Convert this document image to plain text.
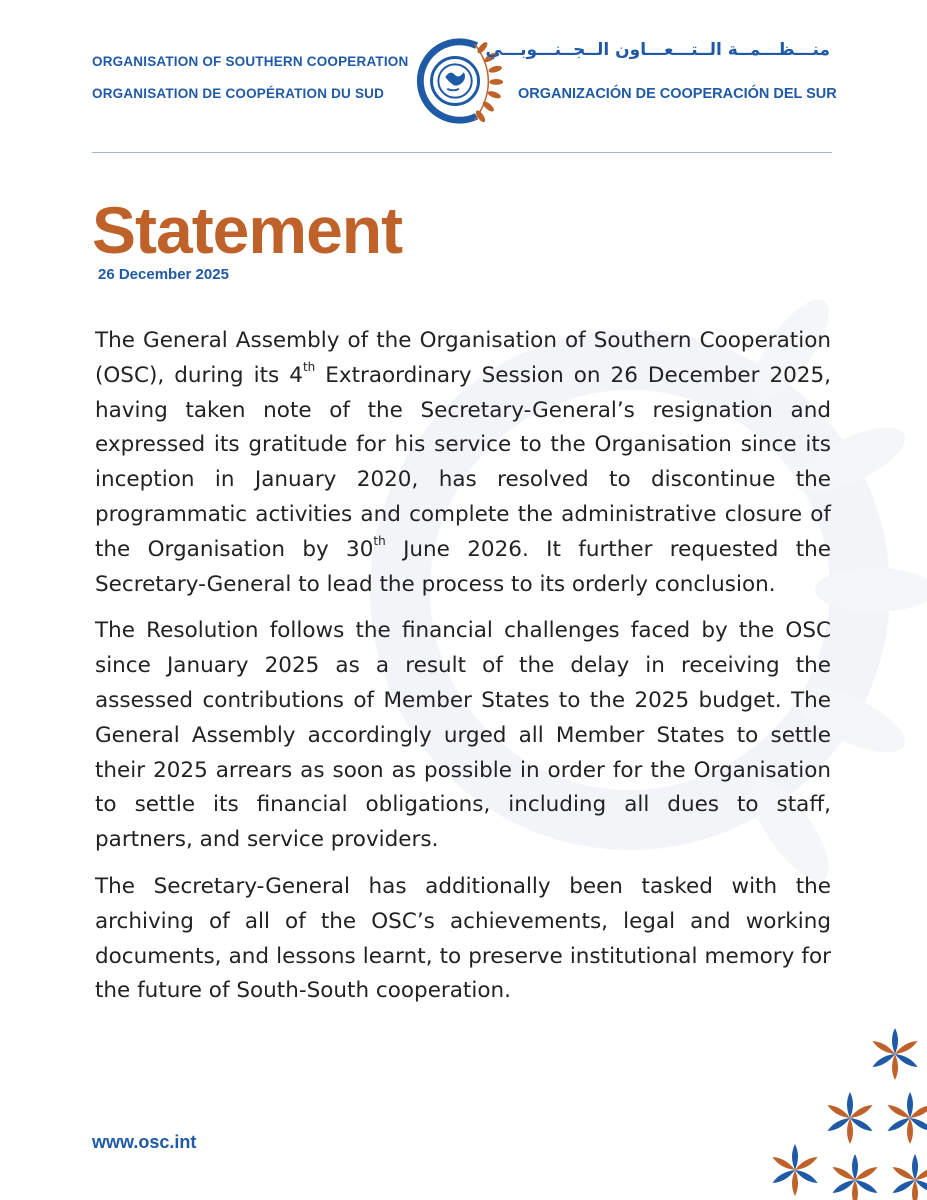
ORGANISATION OF SOUTHERN COOPERATION
ORGANISATION DE COOPÉRATION DU SUD
منـــظـــمــة الــتـــعـــاون الــجــنـــوبـــي
ORGANIZACIÓN DE COOPERACIÓN DEL SUR
Statement
26 December 2025

The General Assembly of the Organisation of Southern Cooperation (OSC), during its 4th Extraordinary Session on 26 December 2025, having taken note of the Secretary-General’s resignation and expressed its gratitude for his service to the Organisation since its inception in January 2020, has resolved to discontinue the programmatic activities and complete the administrative closure of the Organisation by 30th June 2026. It further requested the Secretary-General to lead the process to its orderly conclusion.

The Resolution follows the financial challenges faced by the OSC since January 2025 as a result of the delay in receiving the assessed contributions of Member States to the 2025 budget. The General Assembly accordingly urged all Member States to settle their 2025 arrears as soon as possible in order for the Organisation to settle its financial obligations, including all dues to staff, partners, and service providers.

The Secretary-General has additionally been tasked with the archiving of all of the OSC’s achievements, legal and working documents, and lessons learnt, to preserve institutional memory for the future of South-South cooperation.

www.osc.int
